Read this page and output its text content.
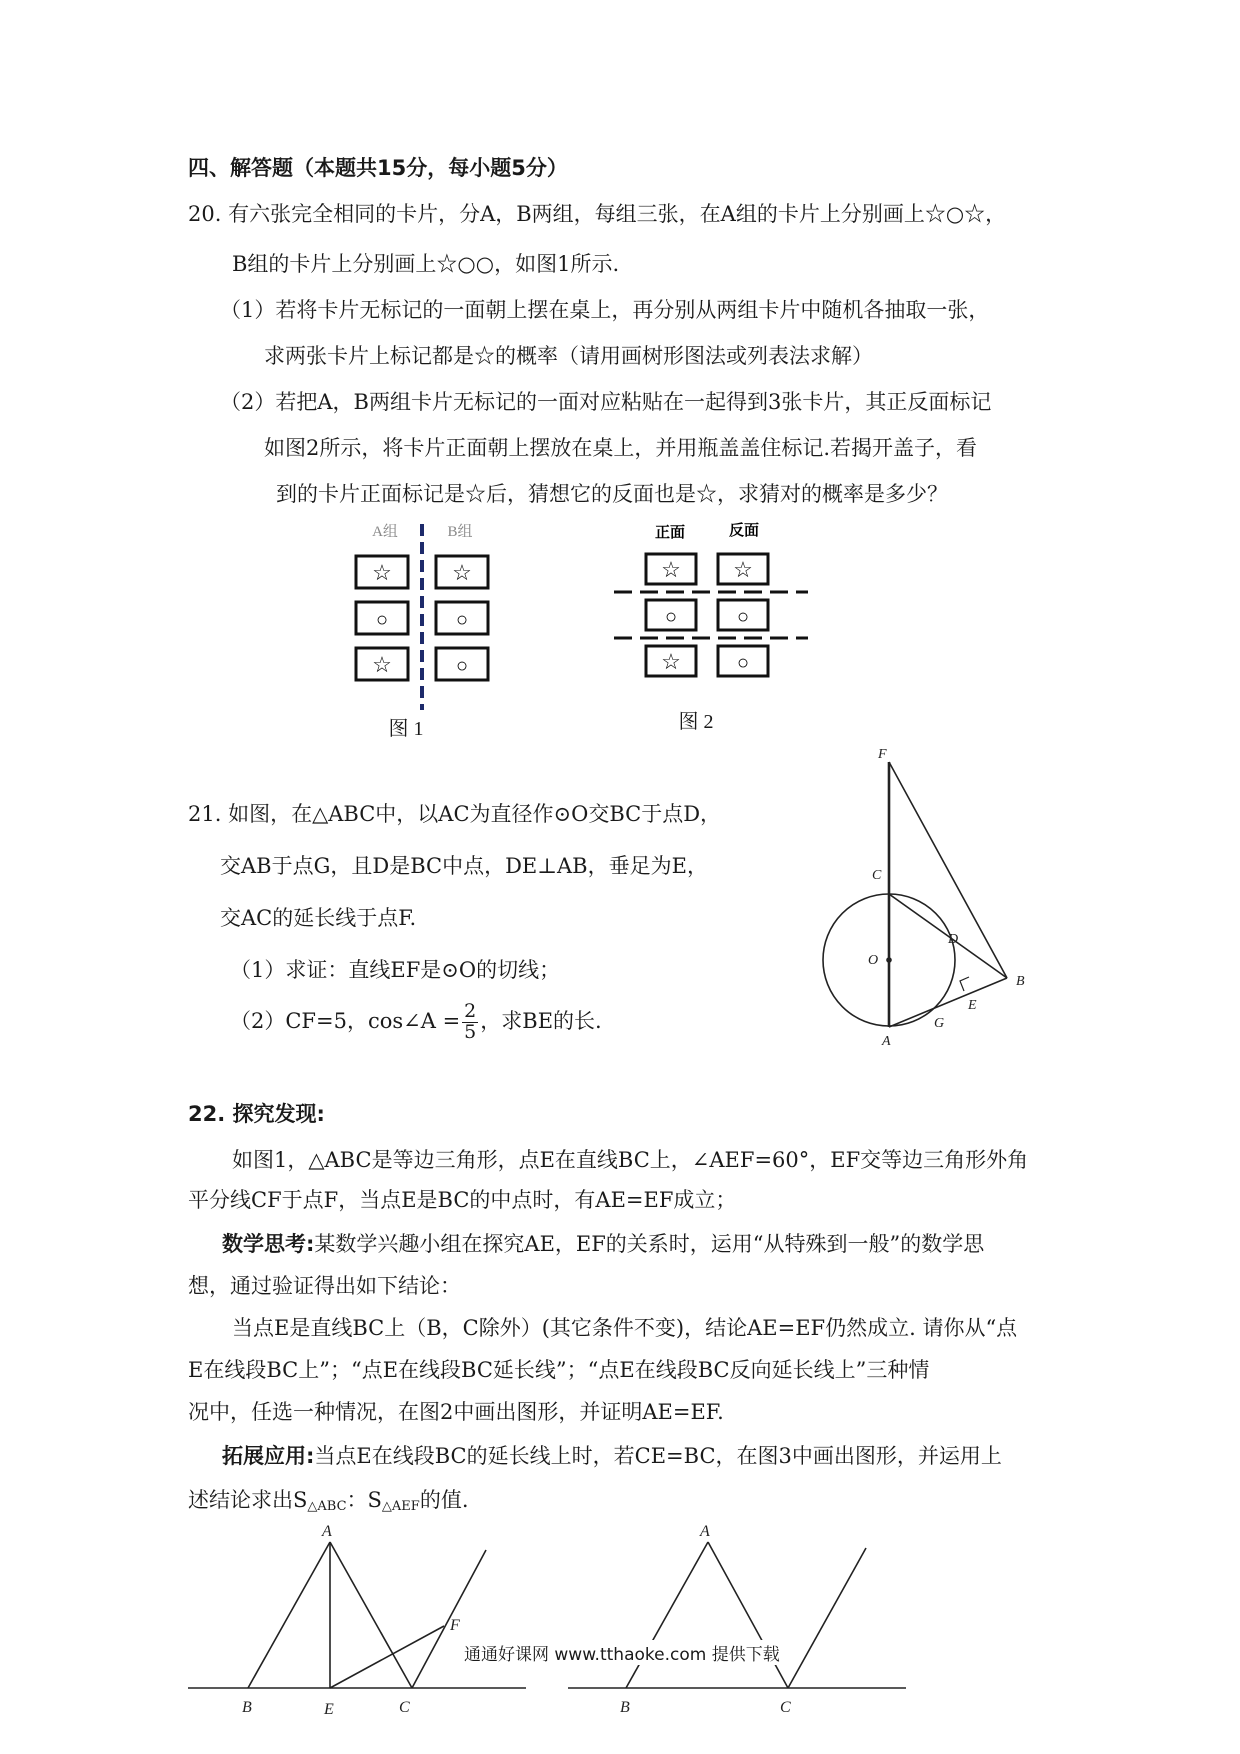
四、解答题（本题共15分，每小题5分）
20. 有六张完全相同的卡片，分A，B两组，每组三张，在A组的卡片上分别画上☆○☆，
B组的卡片上分别画上☆○○，如图1所示.
（1）若将卡片无标记的一面朝上摆在桌上，再分别从两组卡片中随机各抽取一张，
求两张卡片上标记都是☆的概率（请用画树形图法或列表法求解）
（2）若把A，B两组卡片无标记的一面对应粘贴在一起得到3张卡片，其正反面标记
如图2所示，将卡片正面朝上摆放在桌上，并用瓶盖盖住标记.若揭开盖子，看
到的卡片正面标记是☆后，猜想它的反面也是☆，求猜对的概率是多少？
A组	B组
☆
○
☆
☆
○
○
图 1
正面	反面
☆
○
☆
☆
○
○
图 2
21. 如图，在△ABC中，以AC为直径作⊙O交BC于点D，
交AB于点G，且D是BC中点，DE⊥AB，垂足为E，
交AC的延长线于点F.
（1）求证：直线EF是⊙O的切线；
（2）CF=5，cos∠A = $\frac{2}{5}$ ，求BE的长.
F
C
D
O
B
E
G
A
22. 探究发现:
如图1，△ABC是等边三角形，点E在直线BC上，∠AEF=60°，EF交等边三角形外角
平分线CF于点F，当点E是BC的中点时，有AE=EF成立；
数学思考:某数学兴趣小组在探究AE，EF的关系时，运用“从特殊到一般”的数学思
想，通过验证得出如下结论：
当点E是直线BC上（B，C除外）(其它条件不变)，结论AE=EF仍然成立. 请你从“点
E在线段BC上”；“点E在线段BC延长线”；“点E在线段BC反向延长线上”三种情
况中，任选一种情况，在图2中画出图形，并证明AE=EF.
拓展应用:当点E在线段BC的延长线上时，若CE=BC，在图3中画出图形，并运用上
述结论求出$S_{\triangle ABC}$：$S_{\triangle AEF}$的值.
A
B	E	C
F
A
B	C
通通好课网 www.tthaoke.com 提供下载
